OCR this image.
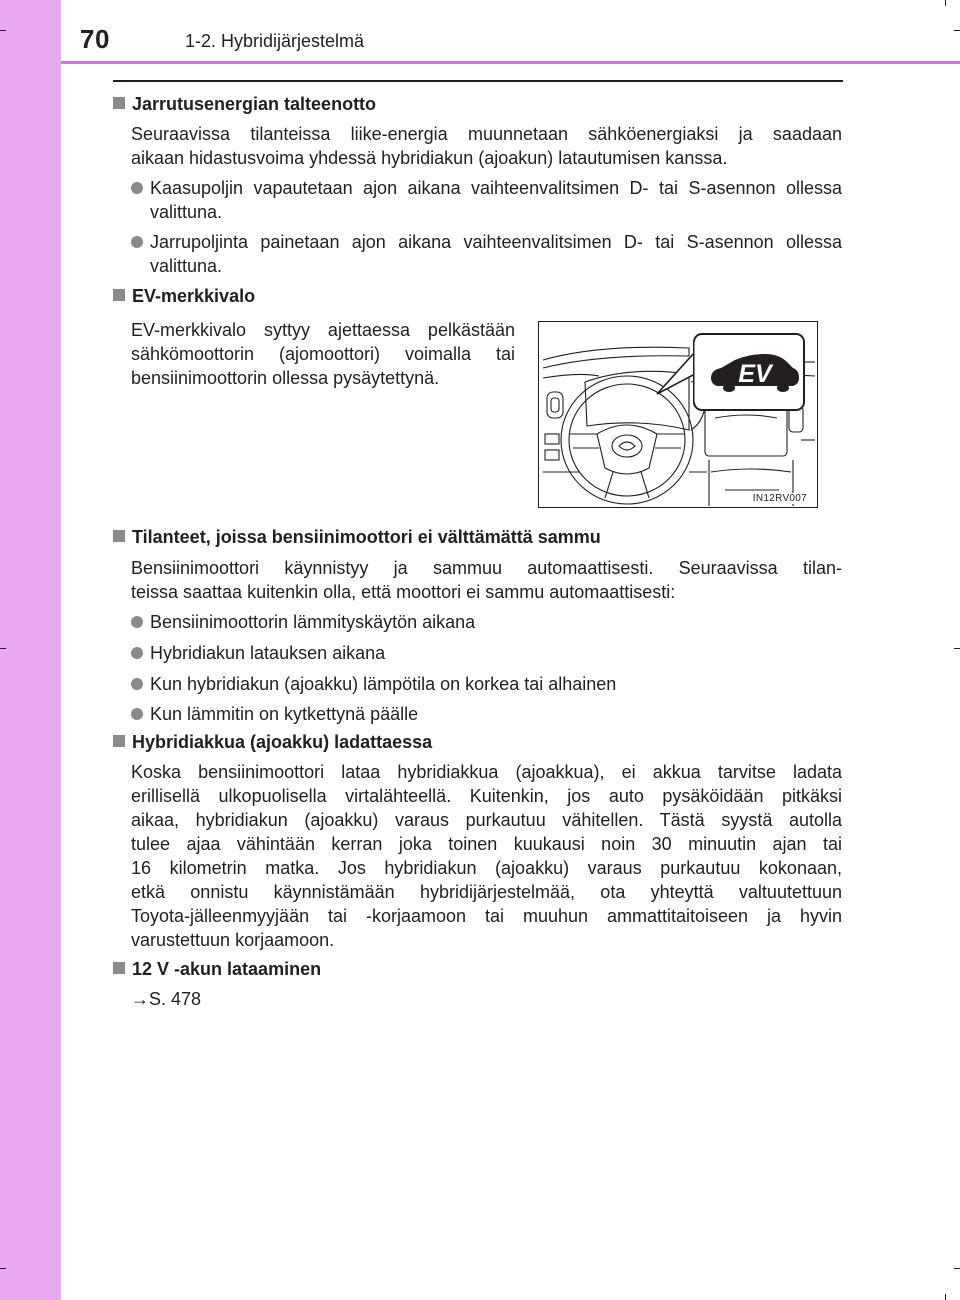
70	1-2. Hybridijärjestelmä
Jarrutusenergian talteenotto
Seuraavissa tilanteissa liike-energia muunnetaan sähköenergiaksi ja saadaan
aikaan hidastusvoima yhdessä hybridiakun (ajoakun) latautumisen kanssa.
Kaasupoljin vapautetaan ajon aikana vaihteenvalitsimen D- tai S-asennon ollessa valittuna.
Jarrupoljinta painetaan ajon aikana vaihteenvalitsimen D- tai S-asennon ollessa valittuna.
EV-merkkivalo
EV-merkkivalo syttyy ajettaessa pelkästään
sähkömoottorin (ajomoottori) voimalla tai
bensiinimoottorin ollessa pysäytettynä.	EV
IN12RV007
Tilanteet, joissa bensiinimoottori ei välttämättä sammu
Bensiinimoottori käynnistyy ja sammuu automaattisesti. Seuraavissa tilan-
teissa saattaa kuitenkin olla, että moottori ei sammu automaattisesti:
Bensiinimoottorin lämmityskäytön aikana
Hybridiakun latauksen aikana
Kun hybridiakun (ajoakku) lämpötila on korkea tai alhainen
Kun lämmitin on kytkettynä päälle
Hybridiakkua (ajoakku) ladattaessa
Koska bensiinimoottori lataa hybridiakkua (ajoakkua), ei akkua tarvitse ladata
erillisellä ulkopuolisella virtalähteellä. Kuitenkin, jos auto pysäköidään pitkäksi
aikaa, hybridiakun (ajoakku) varaus purkautuu vähitellen. Tästä syystä autolla
tulee ajaa vähintään kerran joka toinen kuukausi noin 30 minuutin ajan tai
16 kilometrin matka. Jos hybridiakun (ajoakku) varaus purkautuu kokonaan,
etkä onnistu käynnistämään hybridijärjestelmää, ota yhteyttä valtuutettuun
Toyota-jälleenmyyjään tai -korjaamoon tai muuhun ammattitaitoiseen ja hyvin
varustettuun korjaamoon.
12 V -akun lataaminen
→S. 478
